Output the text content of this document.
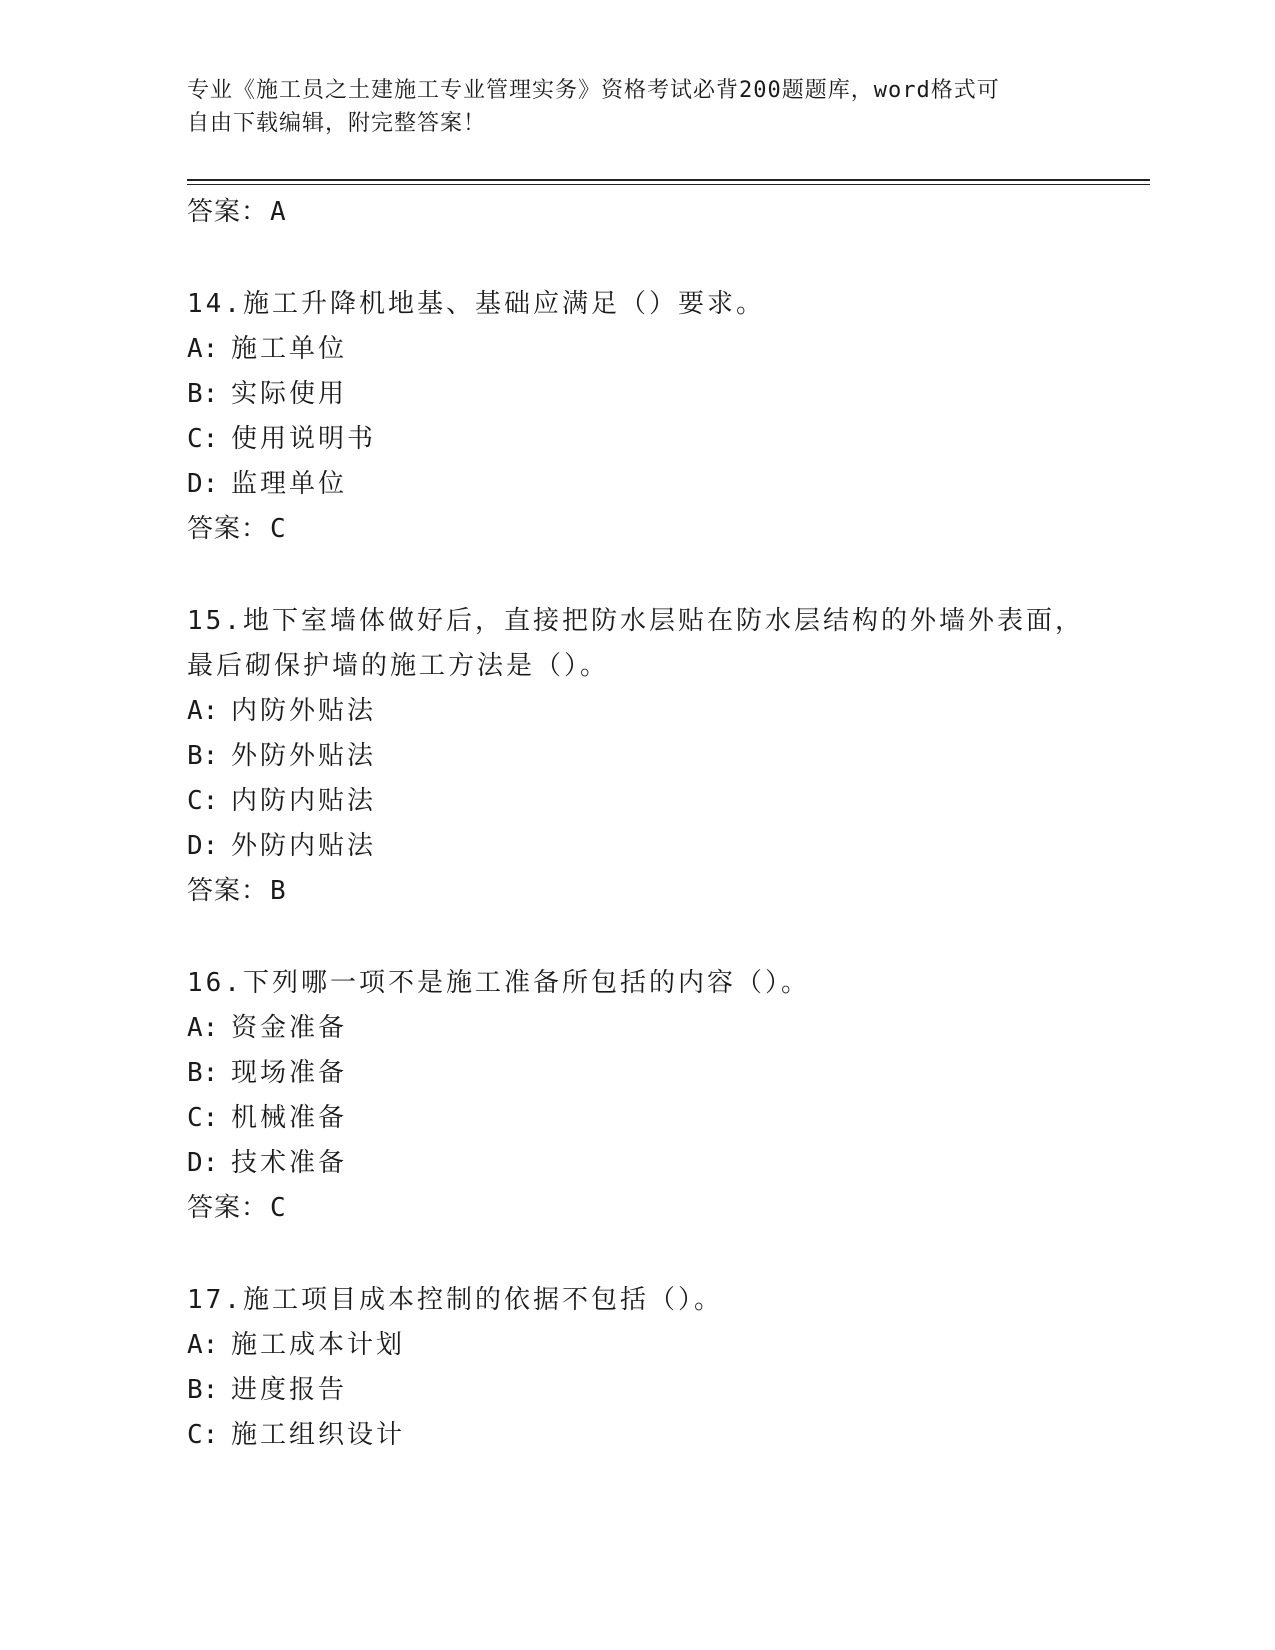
专业《施工员之土建施工专业管理实务》资格考试必背200题题库，word格式可
自由下载编辑，附完整答案！
答案：A
14.施工升降机地基、基础应满足（）要求。
A: 施工单位
B: 实际使用
C: 使用说明书
D: 监理单位
答案：C
15.地下室墙体做好后，直接把防水层贴在防水层结构的外墙外表面，
最后砌保护墙的施工方法是（）。
A: 内防外贴法
B: 外防外贴法
C: 内防内贴法
D: 外防内贴法
答案：B
16.下列哪一项不是施工准备所包括的内容（）。
A: 资金准备
B: 现场准备
C: 机械准备
D: 技术准备
答案：C
17.施工项目成本控制的依据不包括（）。
A: 施工成本计划
B: 进度报告
C: 施工组织设计
